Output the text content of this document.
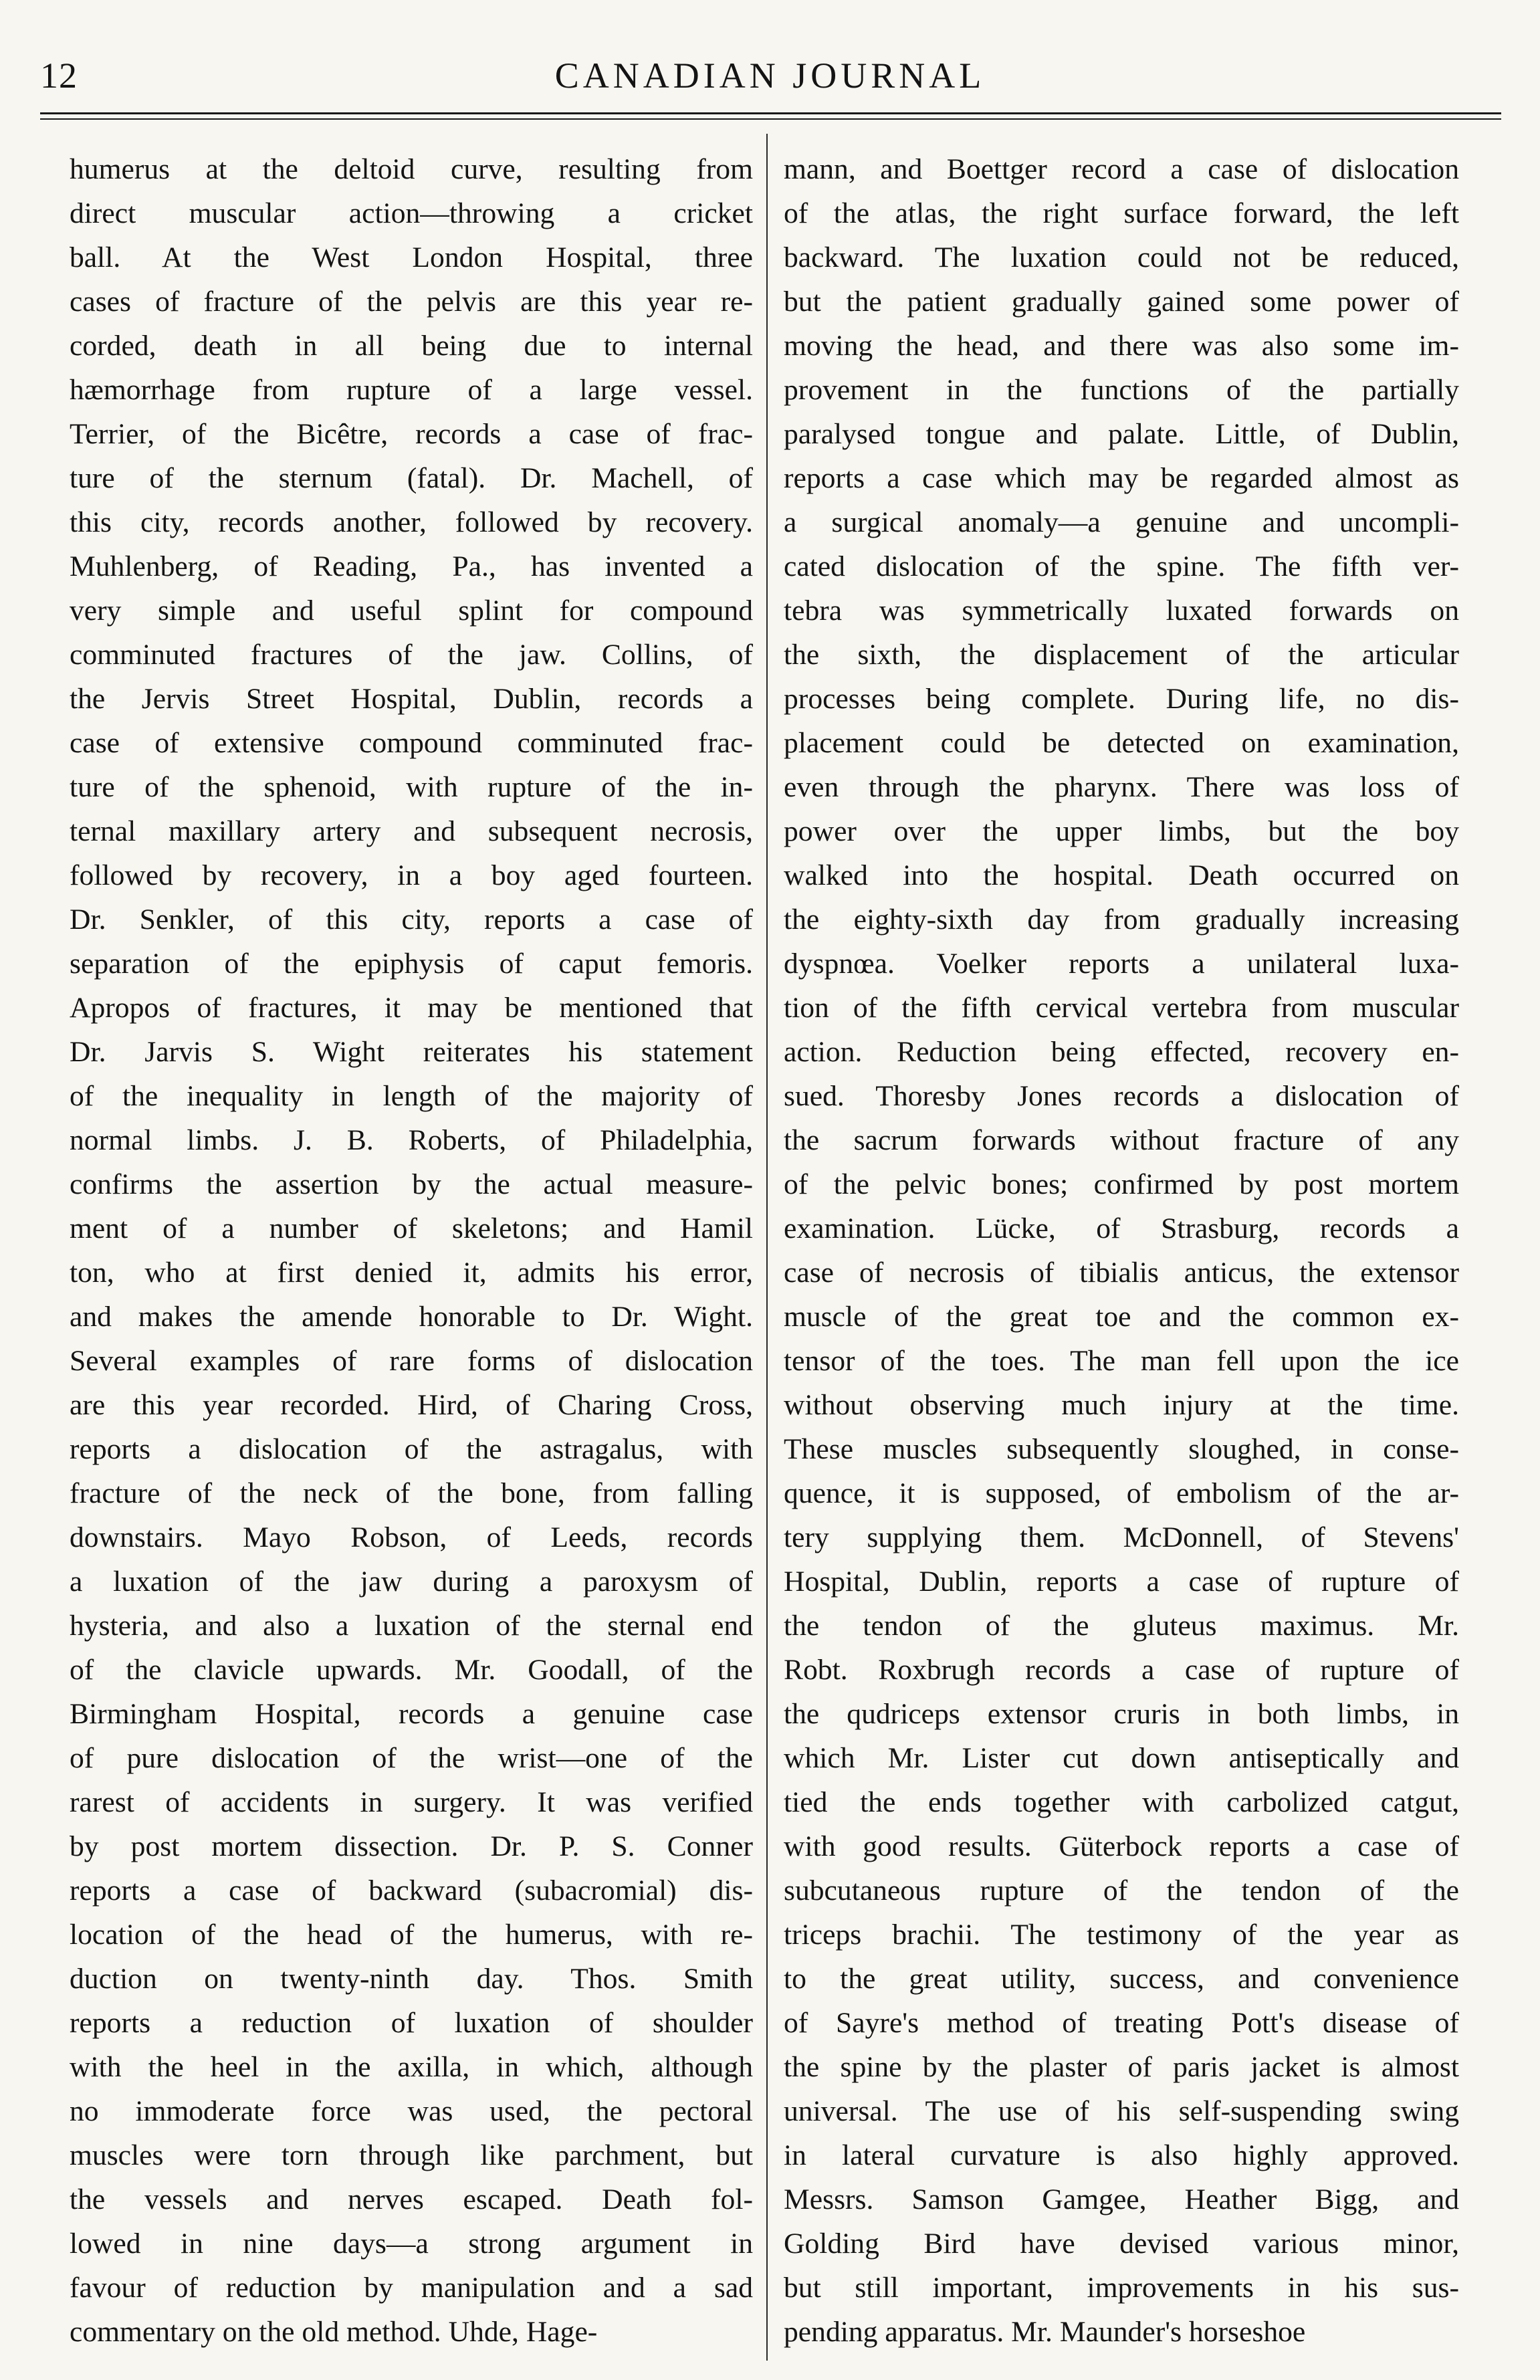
12	CANADIAN JOURNAL
humerus at the deltoid curve, resulting from
direct muscular action—throwing a cricket
ball. At the West London Hospital, three
cases of fracture of the pelvis are this year re-
corded, death in all being due to internal
hæmorrhage from rupture of a large vessel.
Terrier, of the Bicêtre, records a case of frac-
ture of the sternum (fatal). Dr. Machell, of
this city, records another, followed by recovery.
Muhlenberg, of Reading, Pa., has invented a
very simple and useful splint for compound
comminuted fractures of the jaw. Collins, of
the Jervis Street Hospital, Dublin, records a
case of extensive compound comminuted frac-
ture of the sphenoid, with rupture of the in-
ternal maxillary artery and subsequent necrosis,
followed by recovery, in a boy aged fourteen.
Dr. Senkler, of this city, reports a case of
separation of the epiphysis of caput femoris.
Apropos of fractures, it may be mentioned that
Dr. Jarvis S. Wight reiterates his statement
of the inequality in length of the majority of
normal limbs. J. B. Roberts, of Philadelphia,
confirms the assertion by the actual measure-
ment of a number of skeletons; and Hamil
ton, who at first denied it, admits his error,
and makes the amende honorable to Dr. Wight.
Several examples of rare forms of dislocation
are this year recorded. Hird, of Charing Cross,
reports a dislocation of the astragalus, with
fracture of the neck of the bone, from falling
downstairs. Mayo Robson, of Leeds, records
a luxation of the jaw during a paroxysm of
hysteria, and also a luxation of the sternal end
of the clavicle upwards. Mr. Goodall, of the
Birmingham Hospital, records a genuine case
of pure dislocation of the wrist—one of the
rarest of accidents in surgery. It was verified
by post mortem dissection. Dr. P. S. Conner
reports a case of backward (subacromial) dis-
location of the head of the humerus, with re-
duction on twenty-ninth day. Thos. Smith
reports a reduction of luxation of shoulder
with the heel in the axilla, in which, although
no immoderate force was used, the pectoral
muscles were torn through like parchment, but
the vessels and nerves escaped. Death fol-
lowed in nine days—a strong argument in
favour of reduction by manipulation and a sad
commentary on the old method. Uhde, Hage-
mann, and Boettger record a case of dislocation
of the atlas, the right surface forward, the left
backward. The luxation could not be reduced,
but the patient gradually gained some power of
moving the head, and there was also some im-
provement in the functions of the partially
paralysed tongue and palate. Little, of Dublin,
reports a case which may be regarded almost as
a surgical anomaly—a genuine and uncompli-
cated dislocation of the spine. The fifth ver-
tebra was symmetrically luxated forwards on
the sixth, the displacement of the articular
processes being complete. During life, no dis-
placement could be detected on examination,
even through the pharynx. There was loss of
power over the upper limbs, but the boy
walked into the hospital. Death occurred on
the eighty-sixth day from gradually increasing
dyspnœa. Voelker reports a unilateral luxa-
tion of the fifth cervical vertebra from muscular
action. Reduction being effected, recovery en-
sued. Thoresby Jones records a dislocation of
the sacrum forwards without fracture of any
of the pelvic bones; confirmed by post mortem
examination. Lücke, of Strasburg, records a
case of necrosis of tibialis anticus, the extensor
muscle of the great toe and the common ex-
tensor of the toes. The man fell upon the ice
without observing much injury at the time.
These muscles subsequently sloughed, in conse-
quence, it is supposed, of embolism of the ar-
tery supplying them. McDonnell, of Stevens'
Hospital, Dublin, reports a case of rupture of
the tendon of the gluteus maximus. Mr.
Robt. Roxbrugh records a case of rupture of
the qudriceps extensor cruris in both limbs, in
which Mr. Lister cut down antiseptically and
tied the ends together with carbolized catgut,
with good results. Güterbock reports a case of
subcutaneous rupture of the tendon of the
triceps brachii. The testimony of the year as
to the great utility, success, and convenience
of Sayre's method of treating Pott's disease of
the spine by the plaster of paris jacket is almost
universal. The use of his self-suspending swing
in lateral curvature is also highly approved.
Messrs. Samson Gamgee, Heather Bigg, and
Golding Bird have devised various minor,
but still important, improvements in his sus-
pending apparatus. Mr. Maunder's horseshoe
